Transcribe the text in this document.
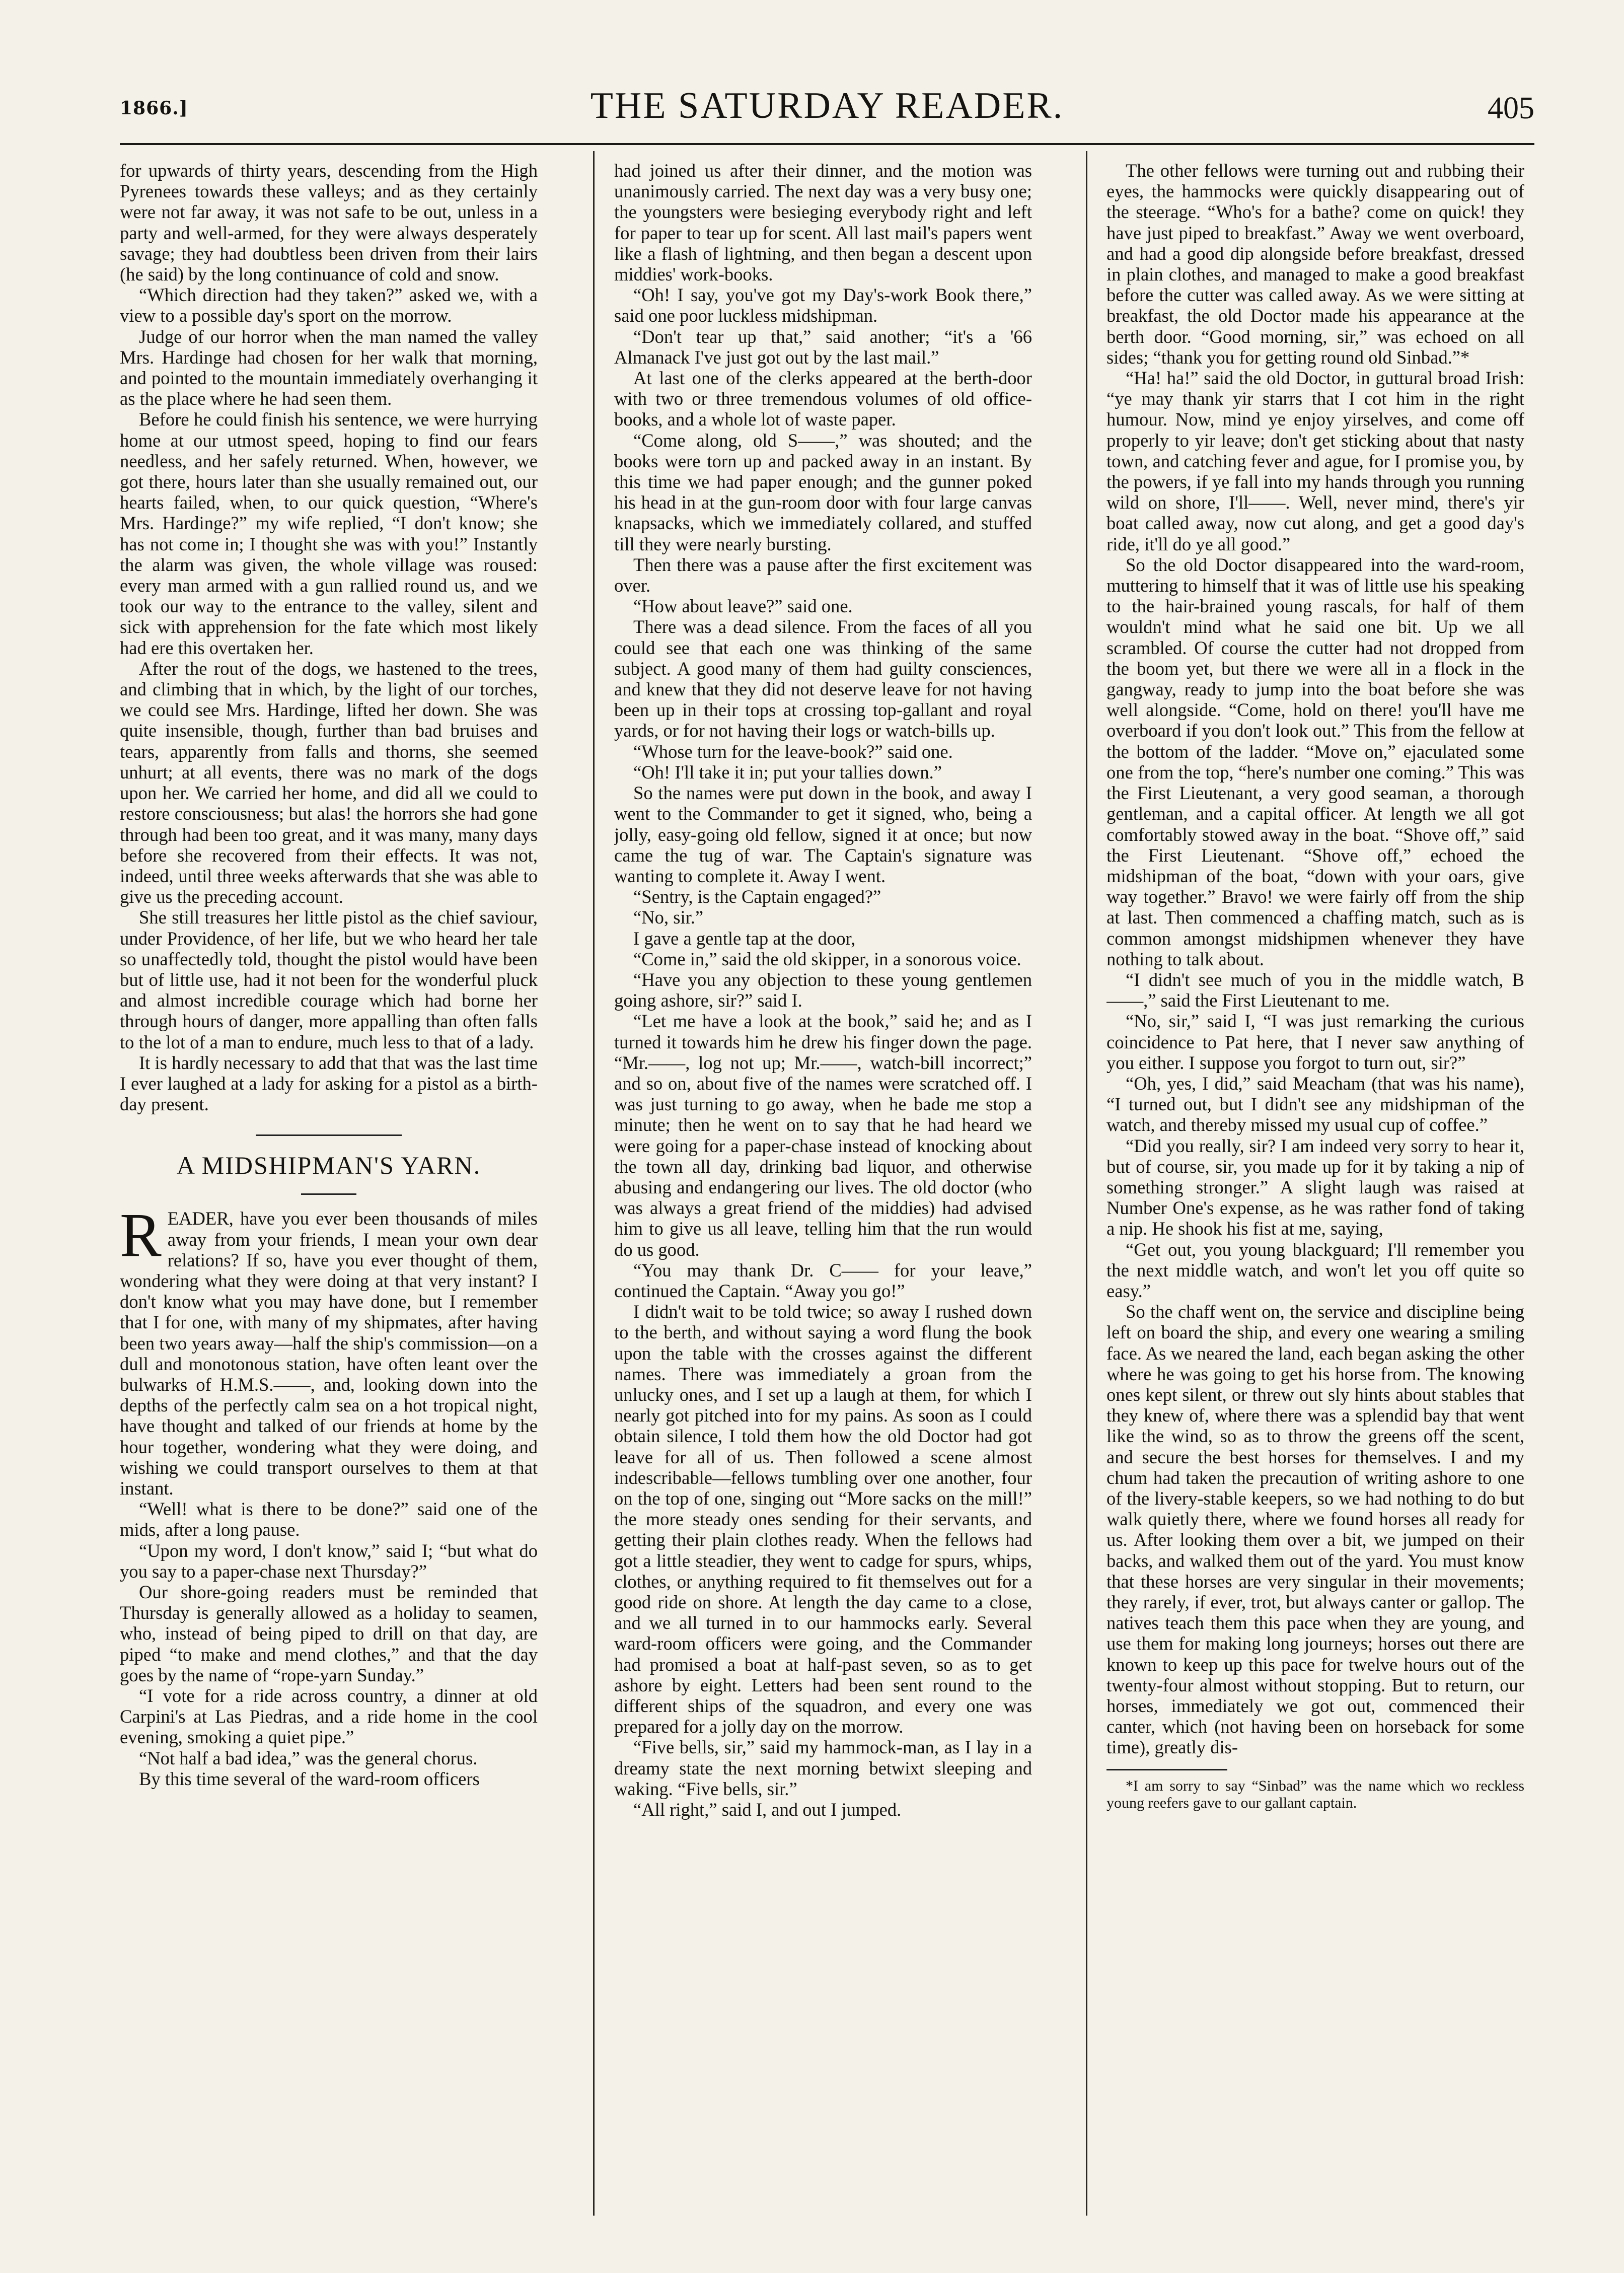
1866.]	THE SATURDAY READER.	405

for upwards of thirty years, descending from the High Pyrenees towards these valleys; and as they certainly were not far away, it was not safe to be out, unless in a party and well-armed, for they were always desperately savage; they had doubtless been driven from their lairs (he said) by the long continuance of cold and snow.

“Which direction had they taken?” asked we, with a view to a possible day's sport on the morrow.

Judge of our horror when the man named the valley Mrs. Hardinge had chosen for her walk that morning, and pointed to the mountain immediately overhanging it as the place where he had seen them.

Before he could finish his sentence, we were hurrying home at our utmost speed, hoping to find our fears needless, and her safely returned. When, however, we got there, hours later than she usually remained out, our hearts failed, when, to our quick question, “Where's Mrs. Hardinge?” my wife replied, “I don't know; she has not come in; I thought she was with you!” Instantly the alarm was given, the whole village was roused: every man armed with a gun rallied round us, and we took our way to the entrance to the valley, silent and sick with apprehension for the fate which most likely had ere this overtaken her.

After the rout of the dogs, we hastened to the trees, and climbing that in which, by the light of our torches, we could see Mrs. Hardinge, lifted her down. She was quite insensible, though, further than bad bruises and tears, apparently from falls and thorns, she seemed unhurt; at all events, there was no mark of the dogs upon her. We carried her home, and did all we could to restore consciousness; but alas! the horrors she had gone through had been too great, and it was many, many days before she recovered from their effects. It was not, indeed, until three weeks afterwards that she was able to give us the preceding account.

She still treasures her little pistol as the chief saviour, under Providence, of her life, but we who heard her tale so unaffectedly told, thought the pistol would have been but of little use, had it not been for the wonderful pluck and almost incredible courage which had borne her through hours of danger, more appalling than often falls to the lot of a man to endure, much less to that of a lady.

It is hardly necessary to add that that was the last time I ever laughed at a lady for asking for a pistol as a birth-day present.

A MIDSHIPMAN'S YARN.

READER, have you ever been thousands of miles away from your friends, I mean your own dear relations? If so, have you ever thought of them, wondering what they were doing at that very instant? I don't know what you may have done, but I remember that I for one, with many of my shipmates, after having been two years away—half the ship's commission—on a dull and monotonous station, have often leant over the bulwarks of H.M.S.——, and, looking down into the depths of the perfectly calm sea on a hot tropical night, have thought and talked of our friends at home by the hour together, wondering what they were doing, and wishing we could transport ourselves to them at that instant.

“Well! what is there to be done?” said one of the mids, after a long pause.

“Upon my word, I don't know,” said I; “but what do you say to a paper-chase next Thursday?”

Our shore-going readers must be reminded that Thursday is generally allowed as a holiday to seamen, who, instead of being piped to drill on that day, are piped “to make and mend clothes,” and that the day goes by the name of “rope-yarn Sunday.”

“I vote for a ride across country, a dinner at old Carpini's at Las Piedras, and a ride home in the cool evening, smoking a quiet pipe.”

“Not half a bad idea,” was the general chorus.

By this time several of the ward-room officers

had joined us after their dinner, and the motion was unanimously carried. The next day was a very busy one; the youngsters were besieging everybody right and left for paper to tear up for scent. All last mail's papers went like a flash of lightning, and then began a descent upon middies' work-books.

“Oh! I say, you've got my Day's-work Book there,” said one poor luckless midshipman.

“Don't tear up that,” said another; “it's a '66 Almanack I've just got out by the last mail.”

At last one of the clerks appeared at the berth-door with two or three tremendous volumes of old office-books, and a whole lot of waste paper.

“Come along, old S——,” was shouted; and the books were torn up and packed away in an instant. By this time we had paper enough; and the gunner poked his head in at the gun-room door with four large canvas knapsacks, which we immediately collared, and stuffed till they were nearly bursting.

Then there was a pause after the first excitement was over.

“How about leave?” said one.

There was a dead silence. From the faces of all you could see that each one was thinking of the same subject. A good many of them had guilty consciences, and knew that they did not deserve leave for not having been up in their tops at crossing top-gallant and royal yards, or for not having their logs or watch-bills up.

“Whose turn for the leave-book?” said one.

“Oh! I'll take it in; put your tallies down.”

So the names were put down in the book, and away I went to the Commander to get it signed, who, being a jolly, easy-going old fellow, signed it at once; but now came the tug of war. The Captain's signature was wanting to complete it. Away I went.

“Sentry, is the Captain engaged?”

“No, sir.”

I gave a gentle tap at the door,

“Come in,” said the old skipper, in a sonorous voice.

“Have you any objection to these young gentlemen going ashore, sir?” said I.

“Let me have a look at the book,” said he; and as I turned it towards him he drew his finger down the page. “Mr.——, log not up; Mr.——, watch-bill incorrect;” and so on, about five of the names were scratched off. I was just turning to go away, when he bade me stop a minute; then he went on to say that he had heard we were going for a paper-chase instead of knocking about the town all day, drinking bad liquor, and otherwise abusing and endangering our lives. The old doctor (who was always a great friend of the middies) had advised him to give us all leave, telling him that the run would do us good.

“You may thank Dr. C—— for your leave,” continued the Captain. “Away you go!”

I didn't wait to be told twice; so away I rushed down to the berth, and without saying a word flung the book upon the table with the crosses against the different names. There was immediately a groan from the unlucky ones, and I set up a laugh at them, for which I nearly got pitched into for my pains. As soon as I could obtain silence, I told them how the old Doctor had got leave for all of us. Then followed a scene almost indescribable—fellows tumbling over one another, four on the top of one, singing out “More sacks on the mill!” the more steady ones sending for their servants, and getting their plain clothes ready. When the fellows had got a little steadier, they went to cadge for spurs, whips, clothes, or anything required to fit themselves out for a good ride on shore. At length the day came to a close, and we all turned in to our hammocks early. Several ward-room officers were going, and the Commander had promised a boat at half-past seven, so as to get ashore by eight. Letters had been sent round to the different ships of the squadron, and every one was prepared for a jolly day on the morrow.

“Five bells, sir,” said my hammock-man, as I lay in a dreamy state the next morning betwixt sleeping and waking. “Five bells, sir.”

“All right,” said I, and out I jumped.

The other fellows were turning out and rubbing their eyes, the hammocks were quickly disappearing out of the steerage. “Who's for a bathe? come on quick! they have just piped to breakfast.” Away we went overboard, and had a good dip alongside before breakfast, dressed in plain clothes, and managed to make a good breakfast before the cutter was called away. As we were sitting at breakfast, the old Doctor made his appearance at the berth door. “Good morning, sir,” was echoed on all sides; “thank you for getting round old Sinbad.”*

“Ha! ha!” said the old Doctor, in guttural broad Irish: “ye may thank yir starrs that I cot him in the right humour. Now, mind ye enjoy yirselves, and come off properly to yir leave; don't get sticking about that nasty town, and catching fever and ague, for I promise you, by the powers, if ye fall into my hands through you running wild on shore, I'll——. Well, never mind, there's yir boat called away, now cut along, and get a good day's ride, it'll do ye all good.”

So the old Doctor disappeared into the ward-room, muttering to himself that it was of little use his speaking to the hair-brained young rascals, for half of them wouldn't mind what he said one bit. Up we all scrambled. Of course the cutter had not dropped from the boom yet, but there we were all in a flock in the gangway, ready to jump into the boat before she was well alongside. “Come, hold on there! you'll have me overboard if you don't look out.” This from the fellow at the bottom of the ladder. “Move on,” ejaculated some one from the top, “here's number one coming.” This was the First Lieutenant, a very good seaman, a thorough gentleman, and a capital officer. At length we all got comfortably stowed away in the boat. “Shove off,” said the First Lieutenant. “Shove off,” echoed the midshipman of the boat, “down with your oars, give way together.” Bravo! we were fairly off from the ship at last. Then commenced a chaffing match, such as is common amongst midshipmen whenever they have nothing to talk about.

“I didn't see much of you in the middle watch, B——,” said the First Lieutenant to me.

“No, sir,” said I, “I was just remarking the curious coincidence to Pat here, that I never saw anything of you either. I suppose you forgot to turn out, sir?”

“Oh, yes, I did,” said Meacham (that was his name), “I turned out, but I didn't see any midshipman of the watch, and thereby missed my usual cup of coffee.”

“Did you really, sir? I am indeed very sorry to hear it, but of course, sir, you made up for it by taking a nip of something stronger.” A slight laugh was raised at Number One's expense, as he was rather fond of taking a nip. He shook his fist at me, saying,

“Get out, you young blackguard; I'll remember you the next middle watch, and won't let you off quite so easy.”

So the chaff went on, the service and discipline being left on board the ship, and every one wearing a smiling face. As we neared the land, each began asking the other where he was going to get his horse from. The knowing ones kept silent, or threw out sly hints about stables that they knew of, where there was a splendid bay that went like the wind, so as to throw the greens off the scent, and secure the best horses for themselves. I and my chum had taken the precaution of writing ashore to one of the livery-stable keepers, so we had nothing to do but walk quietly there, where we found horses all ready for us. After looking them over a bit, we jumped on their backs, and walked them out of the yard. You must know that these horses are very singular in their movements; they rarely, if ever, trot, but always canter or gallop. The natives teach them this pace when they are young, and use them for making long journeys; horses out there are known to keep up this pace for twelve hours out of the twenty-four almost without stopping. But to return, our horses, immediately we got out, commenced their canter, which (not having been on horseback for some time), greatly dis-

*I am sorry to say “Sinbad” was the name which wo reckless young reefers gave to our gallant captain.
